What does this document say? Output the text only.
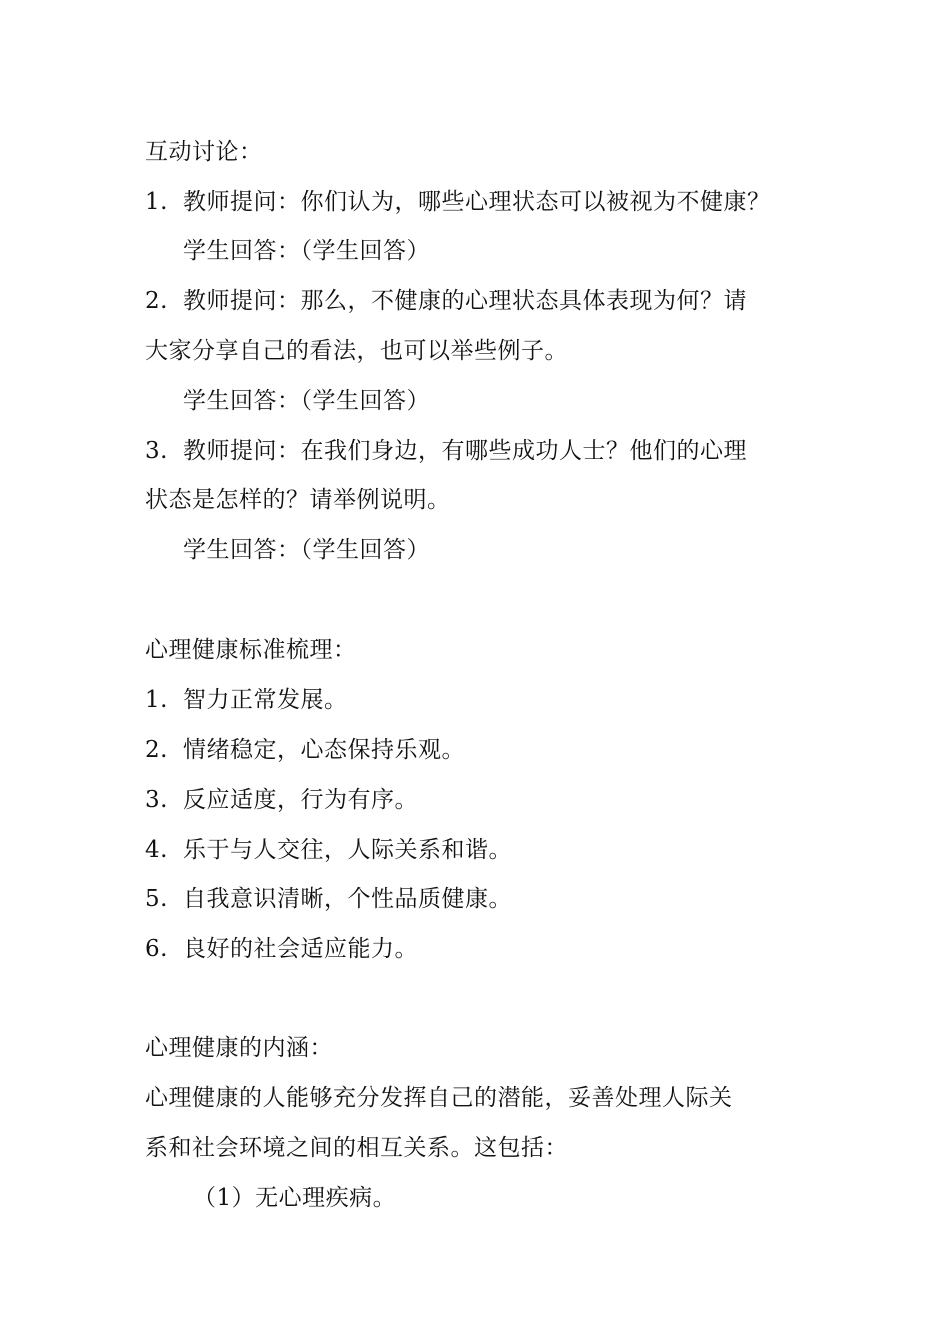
互动讨论：
1. 教师提问：你们认为，哪些心理状态可以被视为不健康？
学生回答：（学生回答）
2. 教师提问：那么，不健康的心理状态具体表现为何？请
大家分享自己的看法，也可以举些例子。
学生回答：（学生回答）
3. 教师提问：在我们身边，有哪些成功人士？他们的心理
状态是怎样的？请举例说明。
学生回答：（学生回答）
心理健康标准梳理：
1. 智力正常发展。
2. 情绪稳定，心态保持乐观。
3. 反应适度，行为有序。
4. 乐于与人交往，人际关系和谐。
5. 自我意识清晰，个性品质健康。
6. 良好的社会适应能力。
心理健康的内涵：
心理健康的人能够充分发挥自己的潜能，妥善处理人际关
系和社会环境之间的相互关系。这包括：
（1）无心理疾病。
